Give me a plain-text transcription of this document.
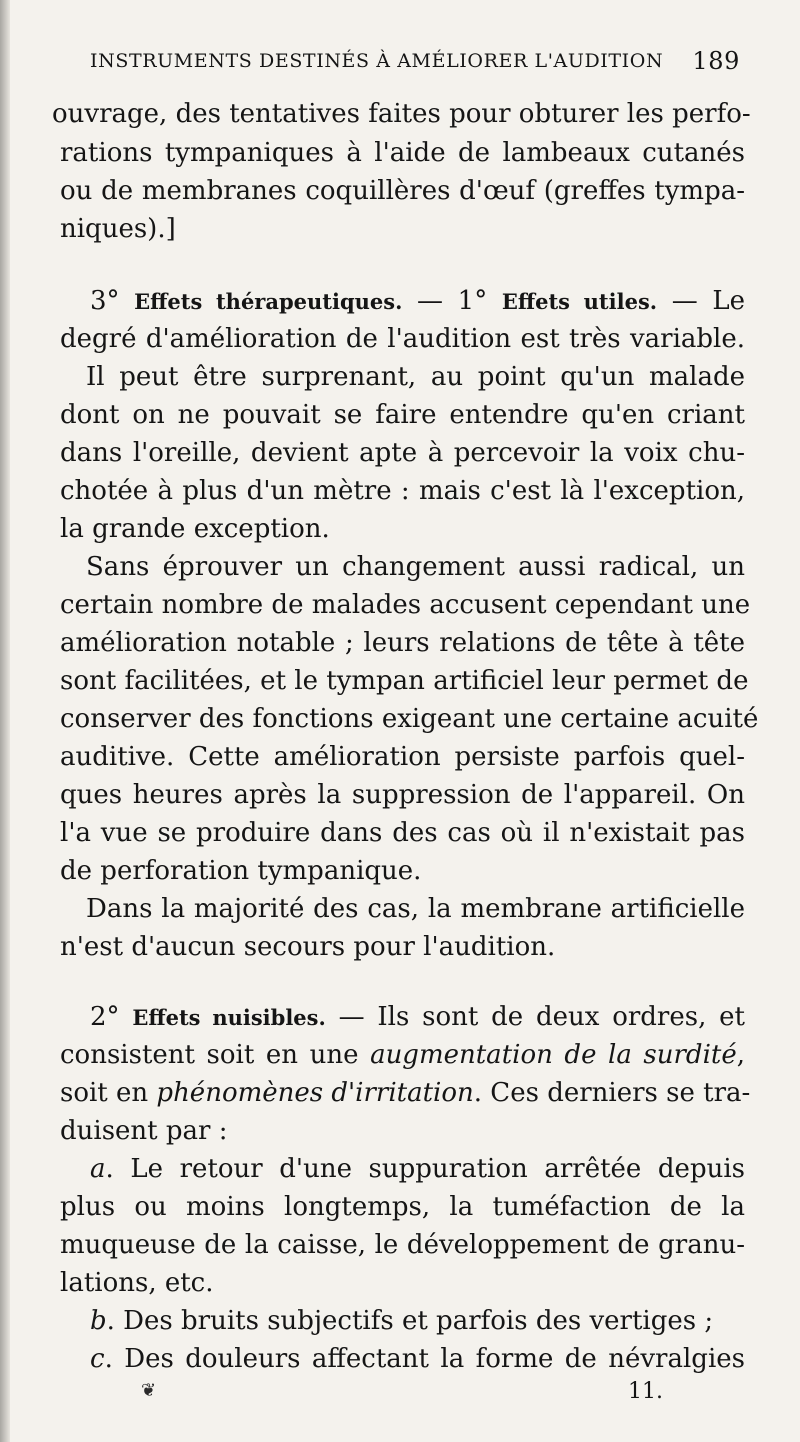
INSTRUMENTS DESTINÉS À AMÉLIORER L'AUDITION 189
ouvrage, des tentatives faites pour obturer les perfo-
rations tympaniques à l'aide de lambeaux cutanés
ou de membranes coquillères d'œuf (greffes tympa-
niques).]
3° Effets thérapeutiques. — 1° Effets utiles. — Le
degré d'amélioration de l'audition est très variable.
Il peut être surprenant, au point qu'un malade
dont on ne pouvait se faire entendre qu'en criant
dans l'oreille, devient apte à percevoir la voix chu-
chotée à plus d'un mètre : mais c'est là l'exception,
la grande exception.
Sans éprouver un changement aussi radical, un
certain nombre de malades accusent cependant une
amélioration notable ; leurs relations de tête à tête
sont facilitées, et le tympan artificiel leur permet de
conserver des fonctions exigeant une certaine acuité
auditive. Cette amélioration persiste parfois quel-
ques heures après la suppression de l'appareil. On
l'a vue se produire dans des cas où il n'existait pas
de perforation tympanique.
Dans la majorité des cas, la membrane artificielle
n'est d'aucun secours pour l'audition.
2° Effets nuisibles. — Ils sont de deux ordres, et
consistent soit en une augmentation de la surdité,
soit en phénomènes d'irritation. Ces derniers se tra-
duisent par :
a. Le retour d'une suppuration arrêtée depuis
plus ou moins longtemps, la tuméfaction de la
muqueuse de la caisse, le développement de granu-
lations, etc.
b. Des bruits subjectifs et parfois des vertiges ;
c. Des douleurs affectant la forme de névralgies
❦	11.
